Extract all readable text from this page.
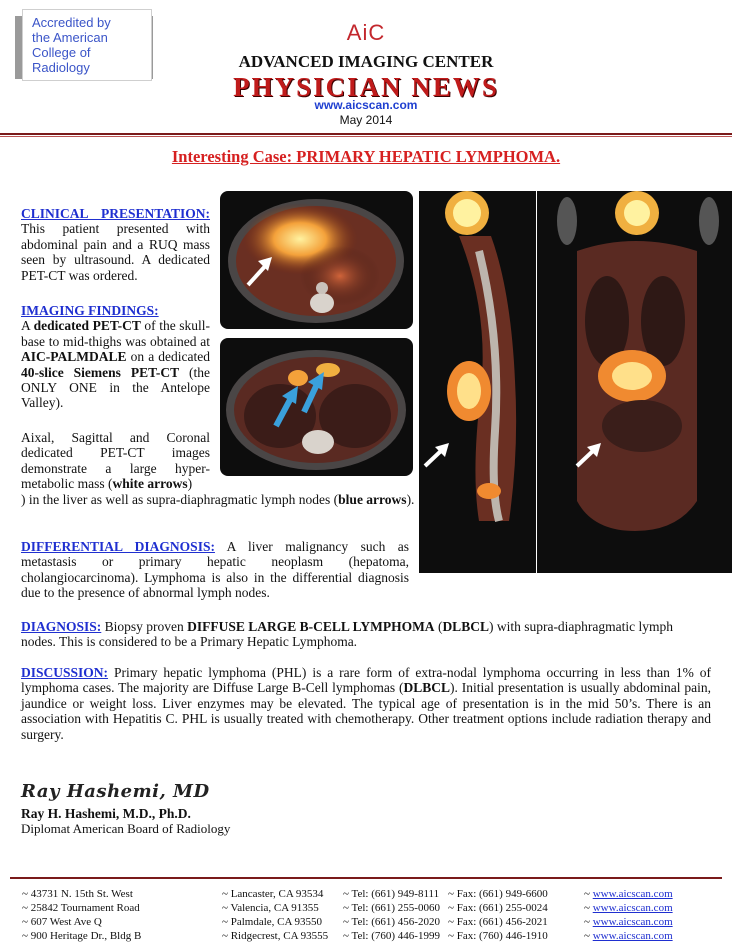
Accredited by
the American
College of
Radiology
AiC
ADVANCED IMAGING CENTER
PHYSICIAN NEWS
www.aicscan.com
May 2014
Interesting Case: PRIMARY HEPATIC LYMPHOMA.

CLINICAL PRESENTATION: This patient presented with abdominal pain and a RUQ mass seen by ultrasound. A dedicated PET-CT was ordered.

IMAGING FINDINGS:
A dedicated PET-CT of the skull-base to mid-thighs was obtained at AIC-PALMDALE on a dedicated 40-slice Siemens PET-CT (the ONLY ONE in the Antelope Valley).

Aixal, Sagittal and Coronal dedicated PET-CT images demonstrate a large hyper-metabolic mass (white arrows)

) in the liver as well as supra-diaphragmatic lymph nodes (blue arrows).

DIFFERENTIAL DIAGNOSIS: A liver malignancy such as metastasis or primary hepatic neoplasm (hepatoma, cholangiocarcinoma). Lymphoma is also in the differential diagnosis due to the presence of abnormal lymph nodes.

DIAGNOSIS: Biopsy proven DIFFUSE LARGE B-CELL LYMPHOMA (DLBCL) with supra-diaphragmatic lymph nodes. This is considered to be a Primary Hepatic Lymphoma.

DISCUSSION: Primary hepatic lymphoma (PHL) is a rare form of extra-nodal lymphoma occurring in less than 1% of lymphoma cases. The majority are Diffuse Large B-Cell lymphomas (DLBCL). Initial presentation is usually abdominal pain, jaundice or weight loss. Liver enzymes may be elevated. The typical age of presentation is in the mid 50’s. There is an association with Hepatitis C. PHL is usually treated with chemotherapy. Other treatment options include radiation therapy and surgery.

Ray Hashemi, MD
Ray H. Hashemi, M.D., Ph.D.
Diplomat American Board of Radiology
~ 43731 N. 15th St. West	~ Lancaster, CA 93534 ~ Tel: (661) 949-8111 ~ Fax: (661) 949-6600	~ www.aicscan.com
~ 25842 Tournament Road	~ Valencia, CA 91355 ~ Tel: (661) 255-0060 ~ Fax: (661) 255-0024	~ www.aicscan.com
~ 607 West Ave Q	~ Palmdale, CA 93550 ~ Tel: (661) 456-2020 ~ Fax: (661) 456-2021	~ www.aicscan.com
~ 900 Heritage Dr., Bldg B	~ Ridgecrest, CA 93555 ~ Tel: (760) 446-1999 ~ Fax: (760) 446-1910	~ www.aicscan.com
